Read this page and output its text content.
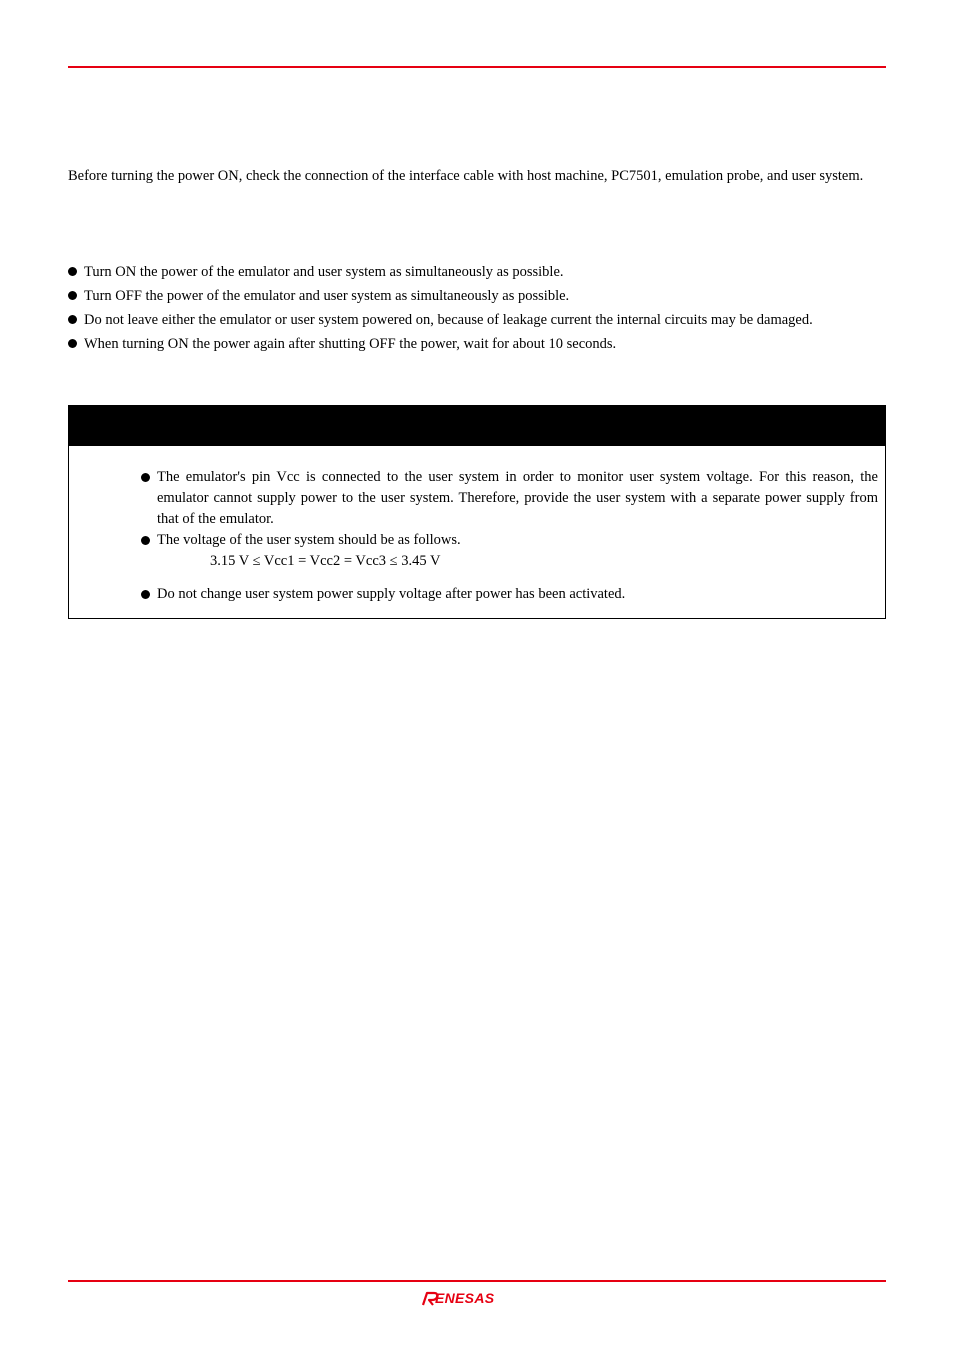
Before turning the power ON, check the connection of the interface cable with host machine, PC7501, emulation probe, and user system.

Turn ON the power of the emulator and user system as simultaneously as possible.
Turn OFF the power of the emulator and user system as simultaneously as possible.
Do not leave either the emulator or user system powered on, because of leakage current the internal circuits may be damaged.
When turning ON the power again after shutting OFF the power, wait for about 10 seconds.
The emulator's pin Vcc is connected to the user system in order to monitor user system voltage. For this reason, the emulator cannot supply power to the user system. Therefore, provide the user system with a separate power supply from that of the emulator.
The voltage of the user system should be as follows.
3.15 V ≤ Vcc1 = Vcc2 = Vcc3 ≤ 3.45 V
Do not change user system power supply voltage after power has been activated.
ENESAS
